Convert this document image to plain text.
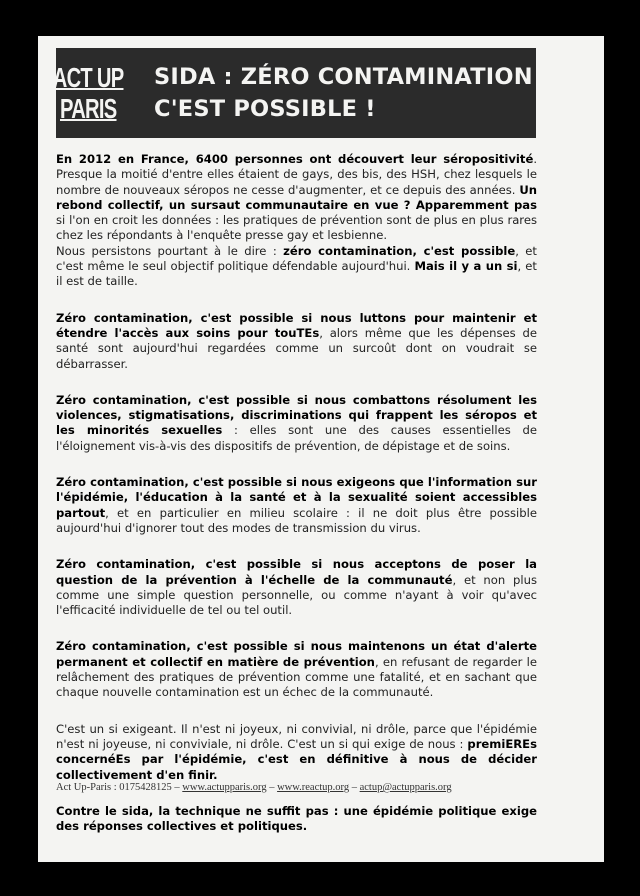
ACT UP
PARIS
SIDA : ZÉRO CONTAMINATION
C'EST POSSIBLE !

En 2012 en France, 6400 personnes ont découvert leur séropositivité. Presque la moitié d'entre elles étaient de gays, des bis, des HSH, chez lesquels le nombre de nouveaux séropos ne cesse d'augmenter, et ce depuis des années. Un rebond collectif, un sursaut communautaire en vue ? Apparemment pas si l'on en croit les données : les pratiques de prévention sont de plus en plus rares chez les répondants à l'enquête presse gay et lesbienne.

Nous persistons pourtant à le dire : zéro contamination, c'est possible, et c'est même le seul objectif politique défendable aujourd'hui. Mais il y a un si, et il est de taille.

Zéro contamination, c'est possible si nous luttons pour maintenir et étendre l'accès aux soins pour touTEs, alors même que les dépenses de santé sont aujourd'hui regardées comme un surcoût dont on voudrait se débarrasser.

Zéro contamination, c'est possible si nous combattons résolument les violences, stigmatisations, discriminations qui frappent les séropos et les minorités sexuelles : elles sont une des causes essentielles de l'éloignement vis-à-vis des dispositifs de prévention, de dépistage et de soins.

Zéro contamination, c'est possible si nous exigeons que l'information sur l'épidémie, l'éducation à la santé et à la sexualité soient accessibles partout, et en particulier en milieu scolaire : il ne doit plus être possible aujourd'hui d'ignorer tout des modes de transmission du virus.

Zéro contamination, c'est possible si nous acceptons de poser la question de la prévention à l'échelle de la communauté, et non plus comme une simple question personnelle, ou comme n'ayant à voir qu'avec l'efficacité individuelle de tel ou tel outil.

Zéro contamination, c'est possible si nous maintenons un état d'alerte permanent et collectif en matière de prévention, en refusant de regarder le relâchement des pratiques de prévention comme une fatalité, et en sachant que chaque nouvelle contamination est un échec de la communauté.

C'est un si exigeant. Il n'est ni joyeux, ni convivial, ni drôle, parce que l'épidémie n'est ni joyeuse, ni conviviale, ni drôle. C'est un si qui exige de nous : premiEREs concernéEs par l'épidémie, c'est en définitive à nous de décider collectivement d'en finir.

Contre le sida, la technique ne suffit pas : une épidémie politique exige des réponses collectives et politiques.

Act Up-Paris : 0175428125 – www.actupparis.org – www.reactup.org – actup@actupparis.org
